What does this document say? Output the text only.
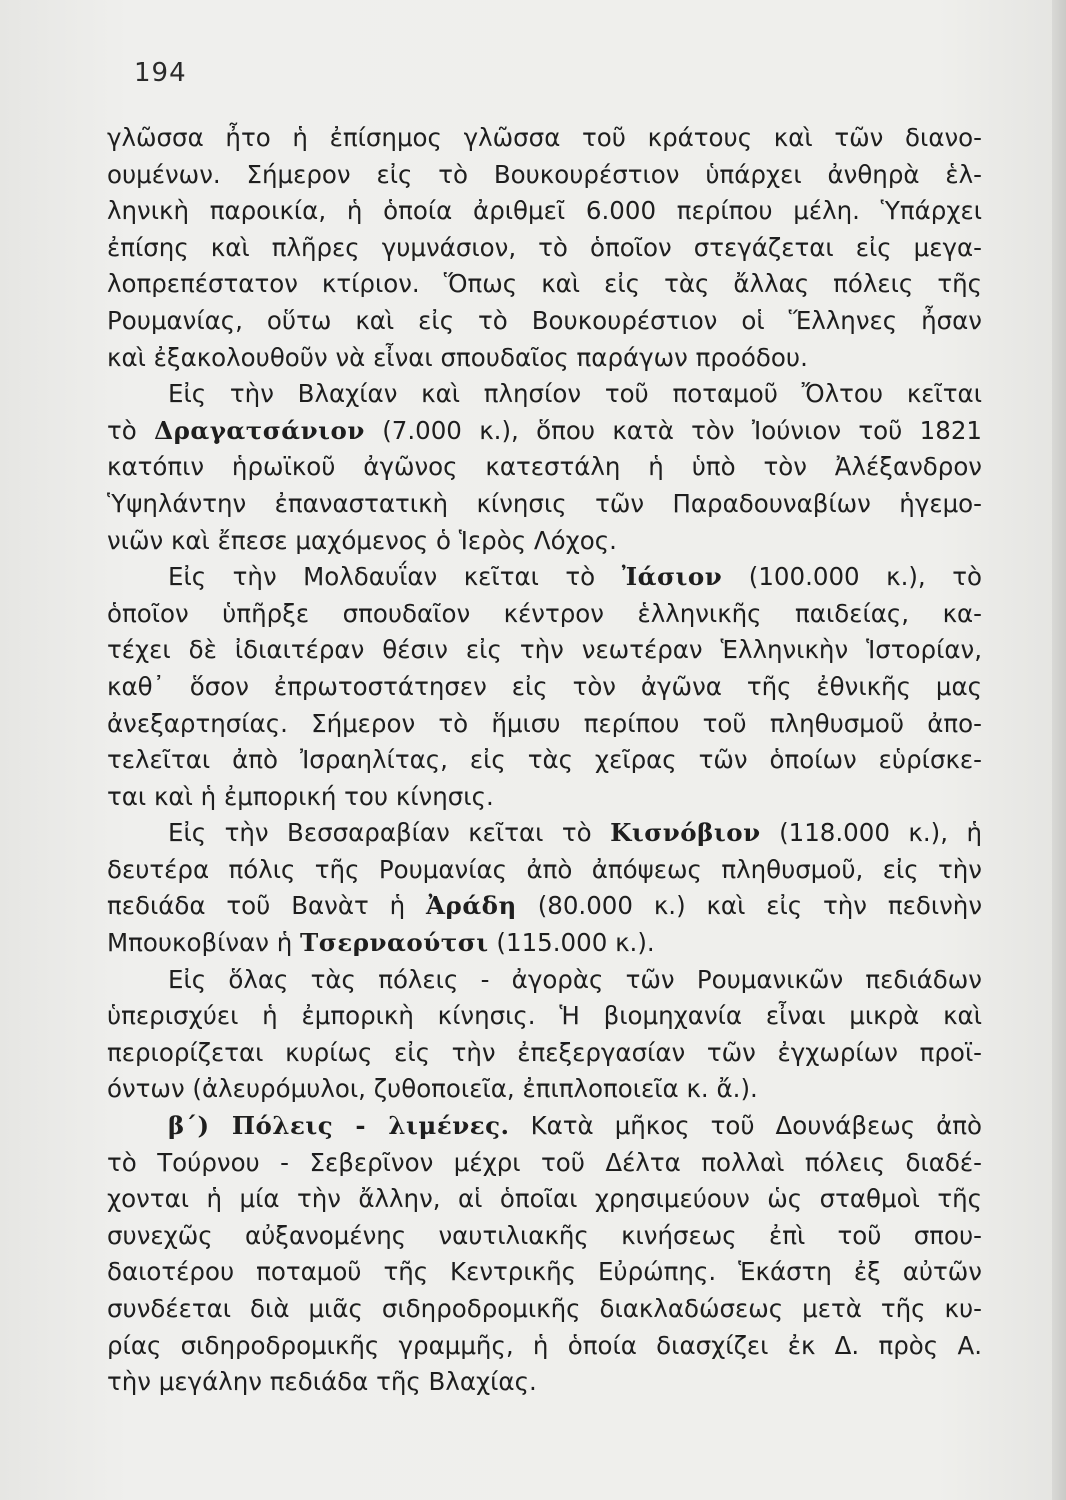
194
γλῶσσα ἦτο ἡ ἐπίσημος γλῶσσα τοῦ κράτους καὶ τῶν διανο-
ουμένων. Σήμερον εἰς τὸ Βουκουρέστιον ὑπάρχει ἀνθηρὰ ἑλ-
ληνικὴ παροικία, ἡ ὁποία ἀριθμεῖ 6.000 περίπου μέλη. Ὑπάρχει
ἐπίσης καὶ πλῆρες γυμνάσιον, τὸ ὁποῖον στεγάζεται εἰς μεγα-
λοπρεπέστατον κτίριον. Ὅπως καὶ εἰς τὰς ἄλλας πόλεις τῆς
Ρουμανίας, οὕτω καὶ εἰς τὸ Βουκουρέστιον οἱ Ἕλληνες ἦσαν
καὶ ἐξακολουθοῦν νὰ εἶναι σπουδαῖος παράγων προόδου.
Εἰς τὴν Βλαχίαν καὶ πλησίον τοῦ ποταμοῦ Ὄλτου κεῖται
τὸ Δραγατσάνιον (7.000 κ.), ὅπου κατὰ τὸν Ἰούνιον τοῦ 1821
κατόπιν ἡρωϊκοῦ ἀγῶνος κατεστάλη ἡ ὑπὸ τὸν Ἀλέξανδρον
Ὑψηλάντην ἐπαναστατικὴ κίνησις τῶν Παραδουναβίων ἡγεμο-
νιῶν καὶ ἔπεσε μαχόμενος ὁ Ἱερὸς Λόχος.
Εἰς τὴν Μολδαυΐαν κεῖται τὸ Ἰάσιον (100.000 κ.), τὸ
ὁποῖον ὑπῆρξε σπουδαῖον κέντρον ἑλληνικῆς παιδείας, κα-
τέχει δὲ ἰδιαιτέραν θέσιν εἰς τὴν νεωτέραν Ἑλληνικὴν Ἱστορίαν,
καθ᾽ ὅσον ἐπρωτοστάτησεν εἰς τὸν ἀγῶνα τῆς ἐθνικῆς μας
ἀνεξαρτησίας. Σήμερον τὸ ἥμισυ περίπου τοῦ πληθυσμοῦ ἀπο-
τελεῖται ἀπὸ Ἰσραηλίτας, εἰς τὰς χεῖρας τῶν ὁποίων εὑρίσκε-
ται καὶ ἡ ἐμπορική του κίνησις.
Εἰς τὴν Βεσσαραβίαν κεῖται τὸ Κισνόβιον (118.000 κ.), ἡ
δευτέρα πόλις τῆς Ρουμανίας ἀπὸ ἀπόψεως πληθυσμοῦ, εἰς τὴν
πεδιάδα τοῦ Βανὰτ ἡ Ἀράδη (80.000 κ.) καὶ εἰς τὴν πεδινὴν
Μπουκοβίναν ἡ Τσερναούτσι (115.000 κ.).
Εἰς ὅλας τὰς πόλεις - ἀγορὰς τῶν Ρουμανικῶν πεδιάδων
ὑπερισχύει ἡ ἐμπορικὴ κίνησις. Ἡ βιομηχανία εἶναι μικρὰ καὶ
περιορίζεται κυρίως εἰς τὴν ἐπεξεργασίαν τῶν ἐγχωρίων προϊ-
όντων (ἀλευρόμυλοι, ζυθοποιεῖα, ἐπιπλοποιεῖα κ. ἄ.).
β΄) Πόλεις - λιμένες. Κατὰ μῆκος τοῦ Δουνάβεως ἀπὸ
τὸ Τούρνου - Σεβερῖνον μέχρι τοῦ Δέλτα πολλαὶ πόλεις διαδέ-
χονται ἡ μία τὴν ἄλλην, αἱ ὁποῖαι χρησιμεύουν ὡς σταθμοὶ τῆς
συνεχῶς αὐξανομένης ναυτιλιακῆς κινήσεως ἐπὶ τοῦ σπου-
δαιοτέρου ποταμοῦ τῆς Κεντρικῆς Εὐρώπης. Ἑκάστη ἐξ αὐτῶν
συνδέεται διὰ μιᾶς σιδηροδρομικῆς διακλαδώσεως μετὰ τῆς κυ-
ρίας σιδηροδρομικῆς γραμμῆς, ἡ ὁποία διασχίζει ἐκ Δ. πρὸς Α.
τὴν μεγάλην πεδιάδα τῆς Βλαχίας.
